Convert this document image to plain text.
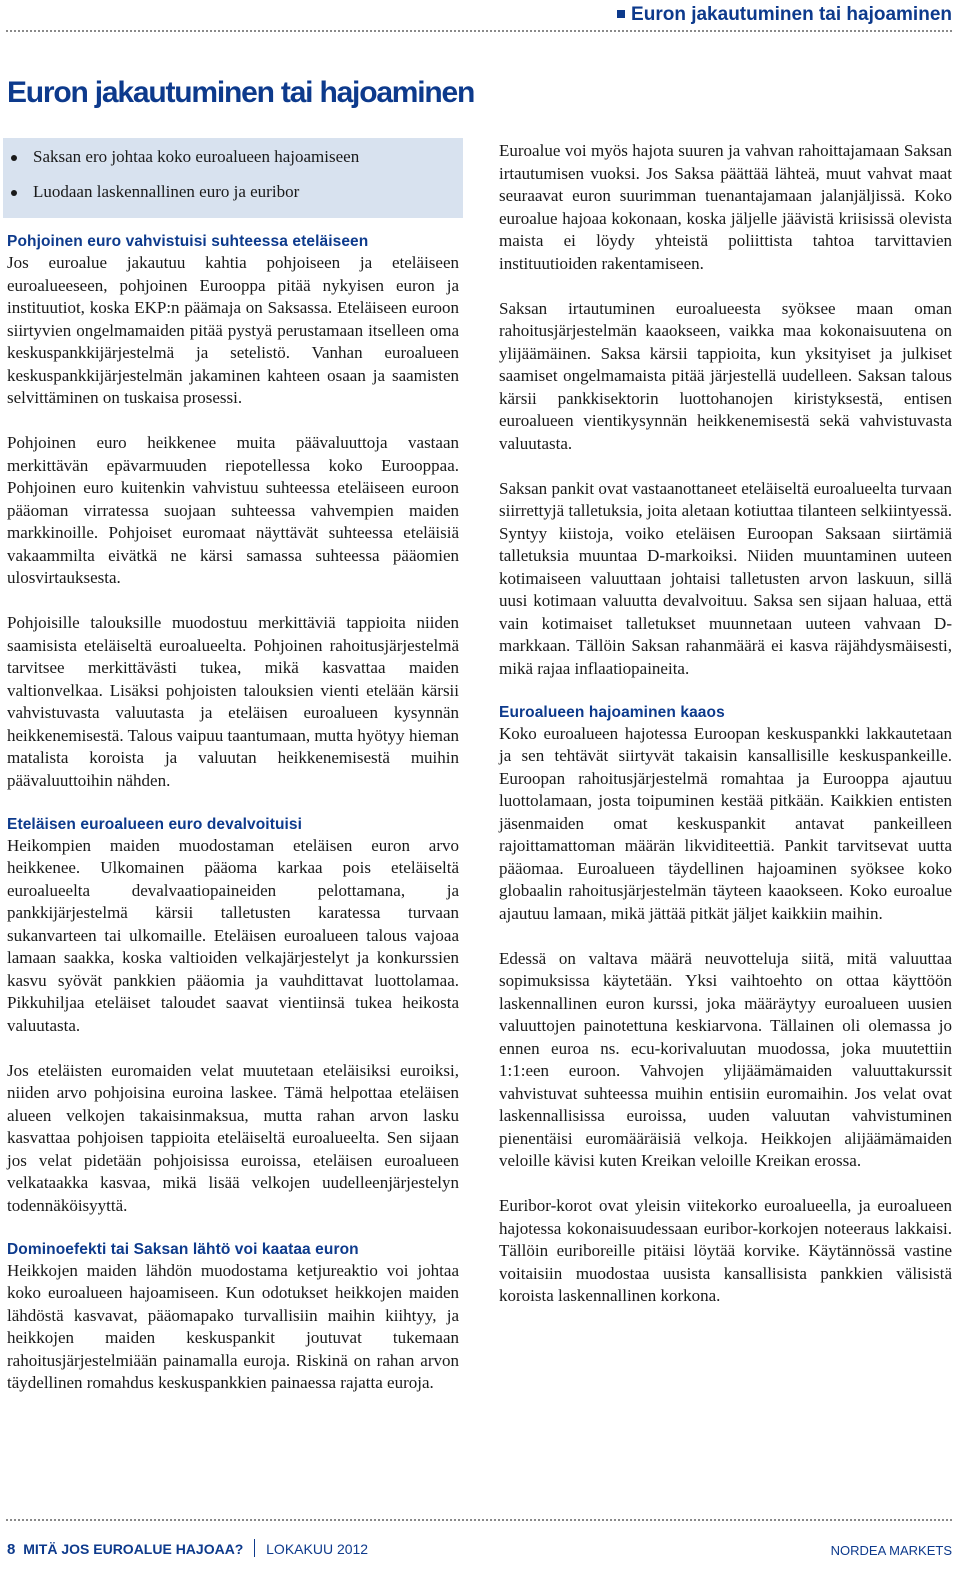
Euron jakautuminen tai hajoaminen
Euron jakautuminen tai hajoaminen
Saksan ero johtaa koko euroalueen hajoamiseen
Luodaan laskennallinen euro ja euribor
Pohjoinen euro vahvistuisi suhteessa eteläiseen

Jos euroalue jakautuu kahtia pohjoiseen ja eteläiseen euroalueeseen, pohjoinen Eurooppa pitää nykyisen euron ja instituutiot, koska EKP:n päämaja on Saksassa. Eteläiseen euroon siirtyvien ongelmamaiden pitää pystyä perustamaan itselleen oma keskuspankkijärjestelmä ja setelistö. Vanhan euroalueen keskuspankkijärjestelmän jakaminen kahteen osaan ja saamisten selvittäminen on tuskaisa prosessi.

Pohjoinen euro heikkenee muita päävaluuttoja vastaan merkittävän epävarmuuden riepotellessa koko Eurooppaa. Pohjoinen euro kuitenkin vahvistuu suhteessa eteläiseen euroon pääoman virratessa suojaan suhteessa vahvempien maiden markkinoille. Pohjoiset euromaat näyttävät suhteessa eteläisiä vakaammilta eivätkä ne kärsi samassa suhteessa pääomien ulosvirtauksesta.

Pohjoisille talouksille muodostuu merkittäviä tappioita niiden saamisista eteläiseltä euroalueelta. Pohjoinen rahoitusjärjestelmä tarvitsee merkittävästi tukea, mikä kasvattaa maiden valtionvelkaa. Lisäksi pohjoisten talouksien vienti etelään kärsii vahvistuvasta valuutasta ja eteläisen euroalueen kysynnän heikkenemisestä. Talous vaipuu taantumaan, mutta hyötyy hieman matalista koroista ja valuutan heikkenemisestä muihin päävaluuttoihin nähden.

Eteläisen euroalueen euro devalvoituisi

Heikompien maiden muodostaman eteläisen euron arvo heikkenee. Ulkomainen pääoma karkaa pois eteläiseltä euroalueelta devalvaatiopaineiden pelottamana, ja pankkijärjestelmä kärsii talletusten karatessa turvaan sukanvarteen tai ulkomaille. Eteläisen euroalueen talous vajoaa lamaan saakka, koska valtioiden velkajärjestelyt ja konkurssien kasvu syövät pankkien pääomia ja vauhdittavat luottolamaa. Pikkuhiljaa eteläiset taloudet saavat vientiinsä tukea heikosta valuutasta.

Jos eteläisten euromaiden velat muutetaan eteläisiksi euroiksi, niiden arvo pohjoisina euroina laskee. Tämä helpottaa eteläisen alueen velkojen takaisinmaksua, mutta rahan arvon lasku kasvattaa pohjoisen tappioita eteläiseltä euroalueelta. Sen sijaan jos velat pidetään pohjoisissa euroissa, eteläisen euroalueen velkataakka kasvaa, mikä lisää velkojen uudelleenjärjestelyn todennäköisyyttä.

Dominoefekti tai Saksan lähtö voi kaataa euron

Heikkojen maiden lähdön muodostama ketjureaktio voi johtaa koko euroalueen hajoamiseen. Kun odotukset heikkojen maiden lähdöstä kasvavat, pääomapako turvallisiin maihin kiihtyy, ja heikkojen maiden keskuspankit joutuvat tukemaan rahoitusjärjestelmiään painamalla euroja. Riskinä on rahan arvon täydellinen romahdus keskuspankkien painaessa rajatta euroja.

Euroalue voi myös hajota suuren ja vahvan rahoittajamaan Saksan irtautumisen vuoksi. Jos Saksa päättää lähteä, muut vahvat maat seuraavat euron suurimman tuenantajamaan jalanjäljissä. Koko euroalue hajoaa kokonaan, koska jäljelle jäävistä kriisissä olevista maista ei löydy yhteistä poliittista tahtoa tarvittavien instituutioiden rakentamiseen.

Saksan irtautuminen euroalueesta syöksee maan oman rahoitusjärjestelmän kaaokseen, vaikka maa kokonaisuutena on ylijäämäinen. Saksa kärsii tappioita, kun yksityiset ja julkiset saamiset ongelmamaista pitää järjestellä uudelleen. Saksan talous kärsii pankkisektorin luottohanojen kiristyksestä, entisen euroalueen vientikysynnän heikkenemisestä sekä vahvistuvasta valuutasta.

Saksan pankit ovat vastaanottaneet eteläiseltä euroalueelta turvaan siirrettyjä talletuksia, joita aletaan kotiuttaa tilanteen selkiintyessä. Syntyy kiistoja, voiko eteläisen Euroopan Saksaan siirtämiä talletuksia muuntaa D-markoiksi. Niiden muuntaminen uuteen kotimaiseen valuuttaan johtaisi talletusten arvon laskuun, sillä uusi kotimaan valuutta devalvoituu. Saksa sen sijaan haluaa, että vain kotimaiset talletukset muunnetaan uuteen vahvaan D-markkaan. Tällöin Saksan rahanmäärä ei kasva räjähdysmäisesti, mikä rajaa inflaatiopaineita.

Euroalueen hajoaminen kaaos

Koko euroalueen hajotessa Euroopan keskuspankki lakkautetaan ja sen tehtävät siirtyvät takaisin kansallisille keskuspankeille. Euroopan rahoitusjärjestelmä romahtaa ja Eurooppa ajautuu luottolamaan, josta toipuminen kestää pitkään. Kaikkien entisten jäsenmaiden omat keskuspankit antavat pankeilleen rajoittamattoman määrän likviditeettiä. Pankit tarvitsevat uutta pääomaa. Euroalueen täydellinen hajoaminen syöksee koko globaalin rahoitusjärjestelmän täyteen kaaokseen. Koko euroalue ajautuu lamaan, mikä jättää pitkät jäljet kaikkiin maihin.

Edessä on valtava määrä neuvotteluja siitä, mitä valuuttaa sopimuksissa käytetään. Yksi vaihtoehto on ottaa käyttöön laskennallinen euron kurssi, joka määräytyy euroalueen uusien valuuttojen painotettuna keskiarvona. Tällainen oli olemassa jo ennen euroa ns. ecu-korivaluutan muodossa, joka muutettiin 1:1:een euroon. Vahvojen ylijäämämaiden valuuttakurssit vahvistuvat suhteessa muihin entisiin euromaihin. Jos velat ovat laskennallisissa euroissa, uuden valuutan vahvistuminen pienentäisi euromääräisiä velkoja. Heikkojen alijäämämaiden veloille kävisi kuten Kreikan veloille Kreikan erossa.

Euribor-korot ovat yleisin viitekorko euroalueella, ja euroalueen hajotessa kokonaisuudessaan euribor-korkojen noteeraus lakkaisi. Tällöin euriboreille pitäisi löytää korvike. Käytännössä vastine voitaisiin muodostaa uusista kansallisista pankkien välisistä koroista laskennallinen korkona.

8 MITÄ JOS EUROALUE HAJOAA? LOKAKUU 2012	NORDEA MARKETS
